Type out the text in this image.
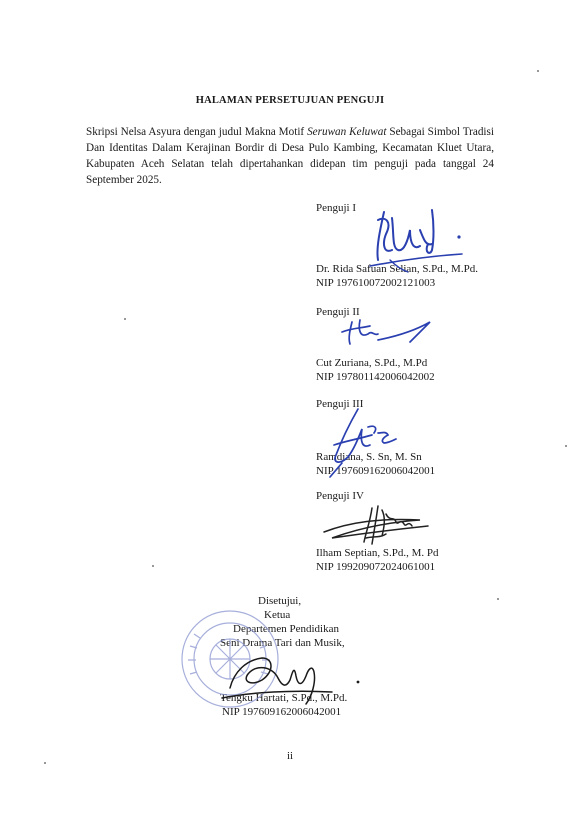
HALAMAN PERSETUJUAN PENGUJI
Skripsi Nelsa Asyura dengan judul Makna Motif Seruwan Keluwat Sebagai Simbol Tradisi Dan Identitas Dalam Kerajinan Bordir di Desa Pulo Kambing, Kecamatan Kluet Utara, Kabupaten Aceh Selatan telah dipertahankan didepan tim penguji pada tanggal 24 September 2025.
Penguji I
Dr. Rida Safuan Selian, S.Pd., M.Pd.
NIP 197610072002121003
Penguji II
Cut Zuriana, S.Pd., M.Pd
NIP 197801142006042002
Penguji III
Ramdiana, S. Sn, M. Sn
NIP 197609162006042001
Penguji IV
Ilham Septian, S.Pd., M. Pd
NIP 199209072024061001
Disetujui,
Ketua
Departemen Pendidikan
Seni Drama Tari dan Musik,
Tengku Hartati, S.Pd., M.Pd.
NIP 197609162006042001
ii
